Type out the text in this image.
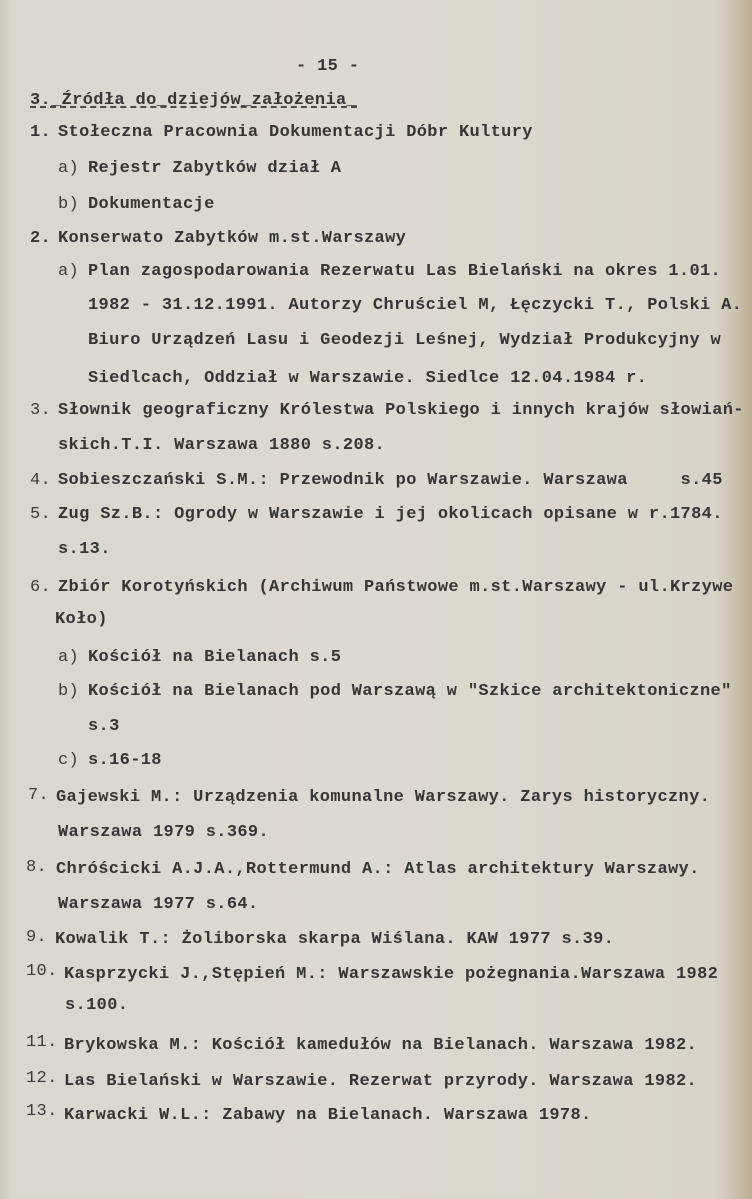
- 15 -
3._Źródła do_dziejów_założenia_
1. Stołeczna Pracownia Dokumentacji Dóbr Kultury
a) Rejestr Zabytków dział A
b) Dokumentacje
2. Konserwato Zabytków m.st.Warszawy
a) Plan zagospodarowania Rezerwatu Las Bielański na okres 1.01.
1982 - 31.12.1991. Autorzy Chruściel M, Łęczycki T., Polski A.
Biuro Urządzeń Lasu i Geodezji Leśnej, Wydział Produkcyjny w
Siedlcach, Oddział w Warszawie. Siedlce 12.04.1984 r.
3. Słownik geograficzny Królestwa Polskiego i innych krajów słowiań-
skich.T.I. Warszawa 1880 s.208.
4. Sobieszczański S.M.: Przewodnik po Warszawie. Warszawa     s.45
5. Zug Sz.B.: Ogrody w Warszawie i jej okolicach opisane w r.1784.
s.13.
6. Zbiór Korotyńskich (Archiwum Państwowe m.st.Warszawy - ul.Krzywe
Koło)
a) Kościół na Bielanach s.5
b) Kościół na Bielanach pod Warszawą w "Szkice architektoniczne"
s.3
c) s.16-18
7. Gajewski M.: Urządzenia komunalne Warszawy. Zarys historyczny.
Warszawa 1979 s.369.
8. Chróścicki A.J.A.,Rottermund A.: Atlas architektury Warszawy.
Warszawa 1977 s.64.
9. Kowalik T.: Żoliborska skarpa Wiślana. KAW 1977 s.39.
10. Kasprzycki J.,Stępień M.: Warszawskie pożegnania.Warszawa 1982
s.100.
11. Brykowska M.: Kościół kamedułów na Bielanach. Warszawa 1982.
12. Las Bielański w Warszawie. Rezerwat przyrody. Warszawa 1982.
13. Karwacki W.L.: Zabawy na Bielanach. Warszawa 1978.
